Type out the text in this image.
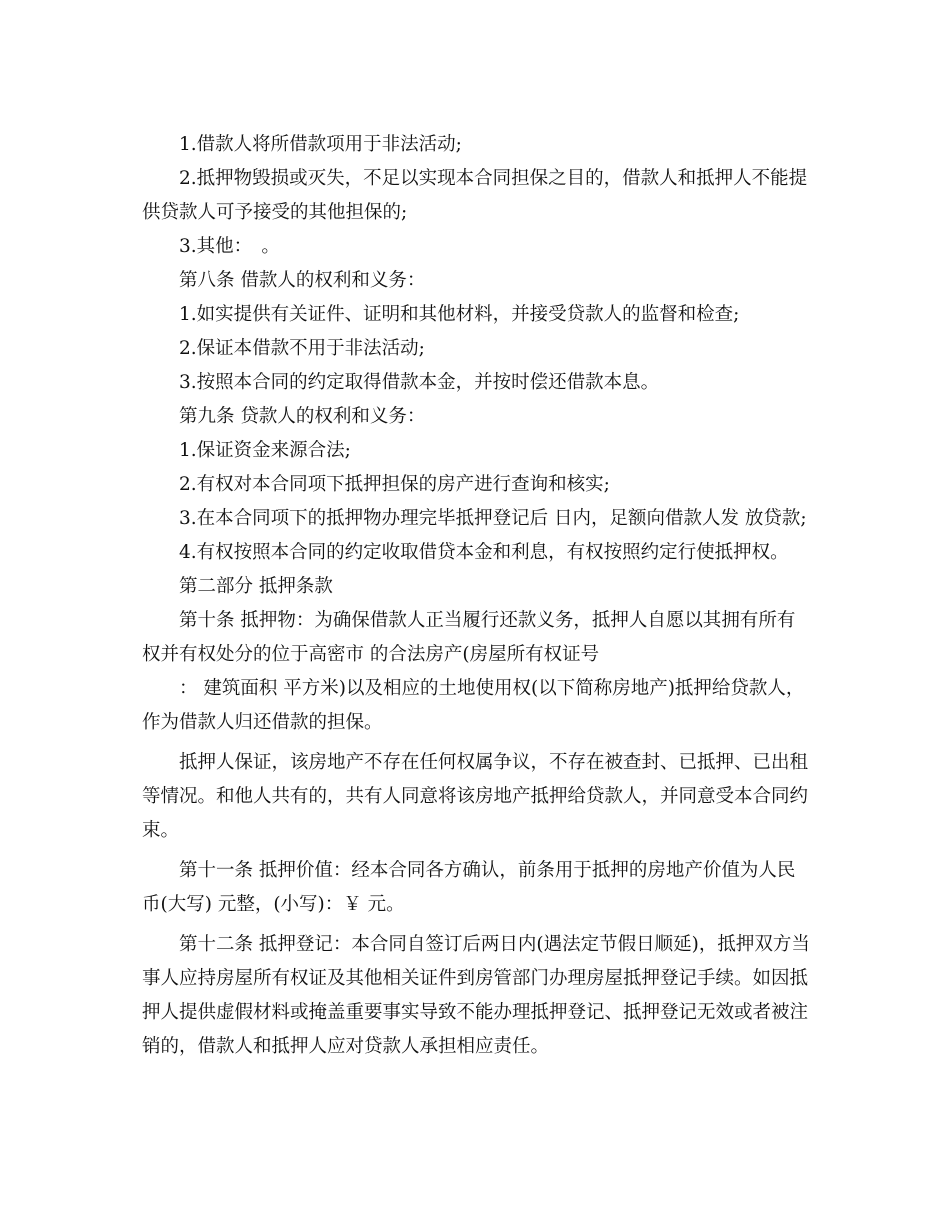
1.借款人将所借款项用于非法活动;

2.抵押物毁损或灭失，不足以实现本合同担保之目的，借款人和抵押人不能提供贷款人可予接受的其他担保的;

3.其他：　。

第八条 借款人的权利和义务：

1.如实提供有关证件、证明和其他材料，并接受贷款人的监督和检查;

2.保证本借款不用于非法活动;

3.按照本合同的约定取得借款本金，并按时偿还借款本息。

第九条 贷款人的权利和义务：

1.保证资金来源合法;

2.有权对本合同项下抵押担保的房产进行查询和核实;

3.在本合同项下的抵押物办理完毕抵押登记后 日内，足额向借款人发 放贷款;

4.有权按照本合同的约定收取借贷本金和利息，有权按照约定行使抵押权。

第二部分 抵押条款

第十条 抵押物：为确保借款人正当履行还款义务，抵押人自愿以其拥有所有权并有权处分的位于高密市 的合法房产(房屋所有权证号

： 建筑面积 平方米)以及相应的土地使用权(以下简称房地产)抵押给贷款人，作为借款人归还借款的担保。

抵押人保证，该房地产不存在任何权属争议，不存在被查封、已抵押、已出租等情况。和他人共有的，共有人同意将该房地产抵押给贷款人，并同意受本合同约束。

第十一条 抵押价值：经本合同各方确认，前条用于抵押的房地产价值为人民币(大写) 元整，(小写)：￥ 元。

第十二条 抵押登记：本合同自签订后两日内(遇法定节假日顺延)，抵押双方当事人应持房屋所有权证及其他相关证件到房管部门办理房屋抵押登记手续。如因抵押人提供虚假材料或掩盖重要事实导致不能办理抵押登记、抵押登记无效或者被注销的，借款人和抵押人应对贷款人承担相应责任。
